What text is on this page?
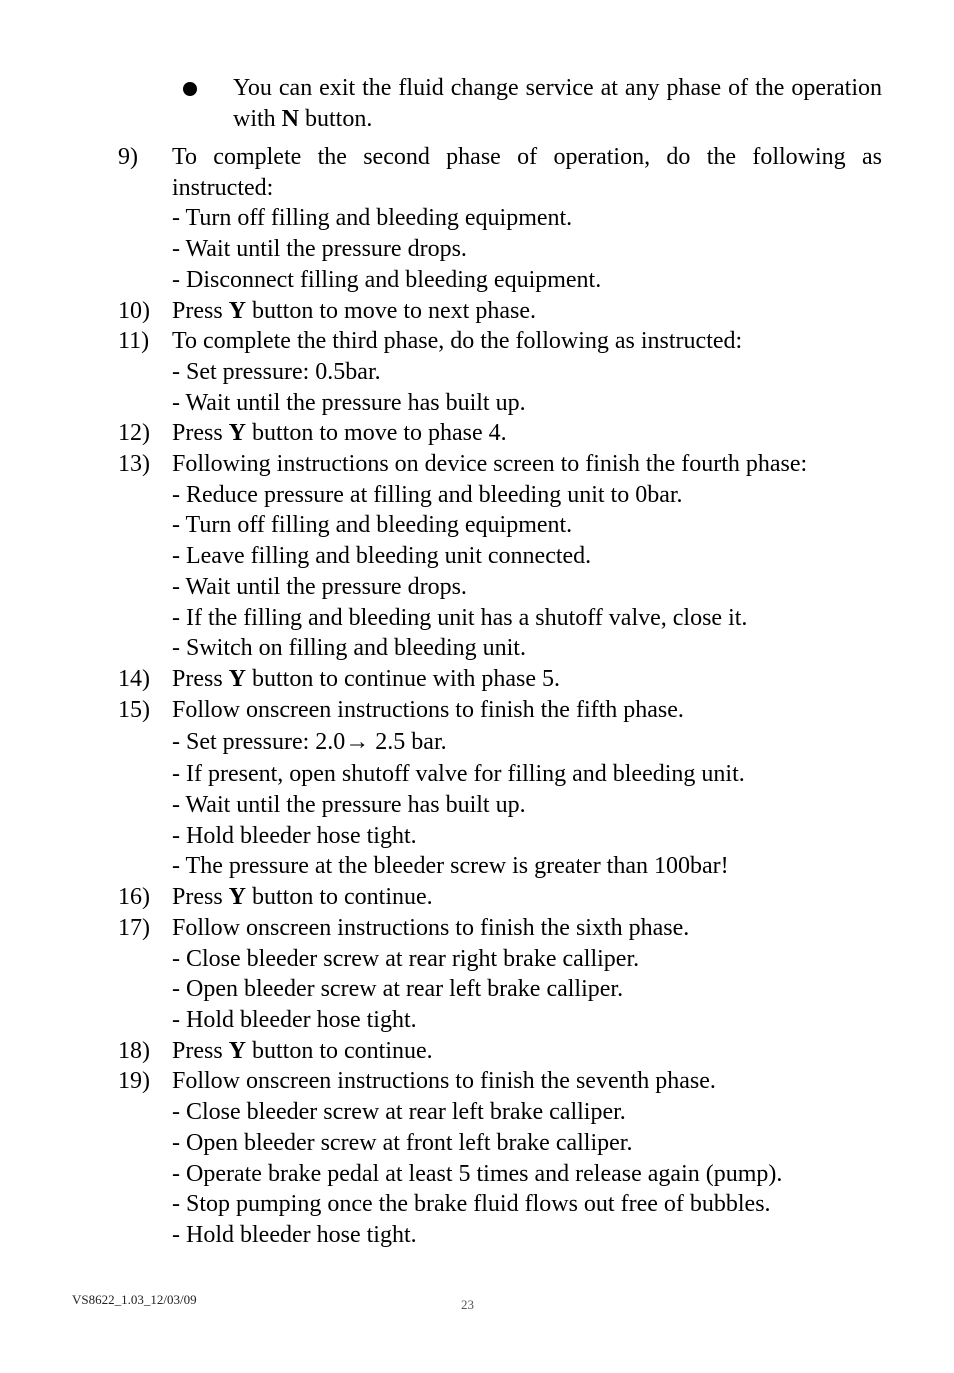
You can exit the fluid change service at any phase of the operation with N button.
9) To complete the second phase of operation, do the following as instructed:
- Turn off filling and bleeding equipment.
- Wait until the pressure drops.
- Disconnect filling and bleeding equipment.
10) Press Y button to move to next phase.
11) To complete the third phase, do the following as instructed:
- Set pressure: 0.5bar.
- Wait until the pressure has built up.
12) Press Y button to move to phase 4.
13) Following instructions on device screen to finish the fourth phase:
- Reduce pressure at filling and bleeding unit to 0bar.
- Turn off filling and bleeding equipment.
- Leave filling and bleeding unit connected.
- Wait until the pressure drops.
- If the filling and bleeding unit has a shutoff valve, close it.
- Switch on filling and bleeding unit.
14) Press Y button to continue with phase 5.
15) Follow onscreen instructions to finish the fifth phase.
- Set pressure: 2.0→ 2.5 bar.
- If present, open shutoff valve for filling and bleeding unit.
- Wait until the pressure has built up.
- Hold bleeder hose tight.
- The pressure at the bleeder screw is greater than 100bar!
16) Press Y button to continue.
17) Follow onscreen instructions to finish the sixth phase.
- Close bleeder screw at rear right brake calliper.
- Open bleeder screw at rear left brake calliper.
- Hold bleeder hose tight.
18) Press Y button to continue.
19) Follow onscreen instructions to finish the seventh phase.
- Close bleeder screw at rear left brake calliper.
- Open bleeder screw at front left brake calliper.
- Operate brake pedal at least 5 times and release again (pump).
- Stop pumping once the brake fluid flows out free of bubbles.
- Hold bleeder hose tight.
VS8622_1.03_12/03/09	23
